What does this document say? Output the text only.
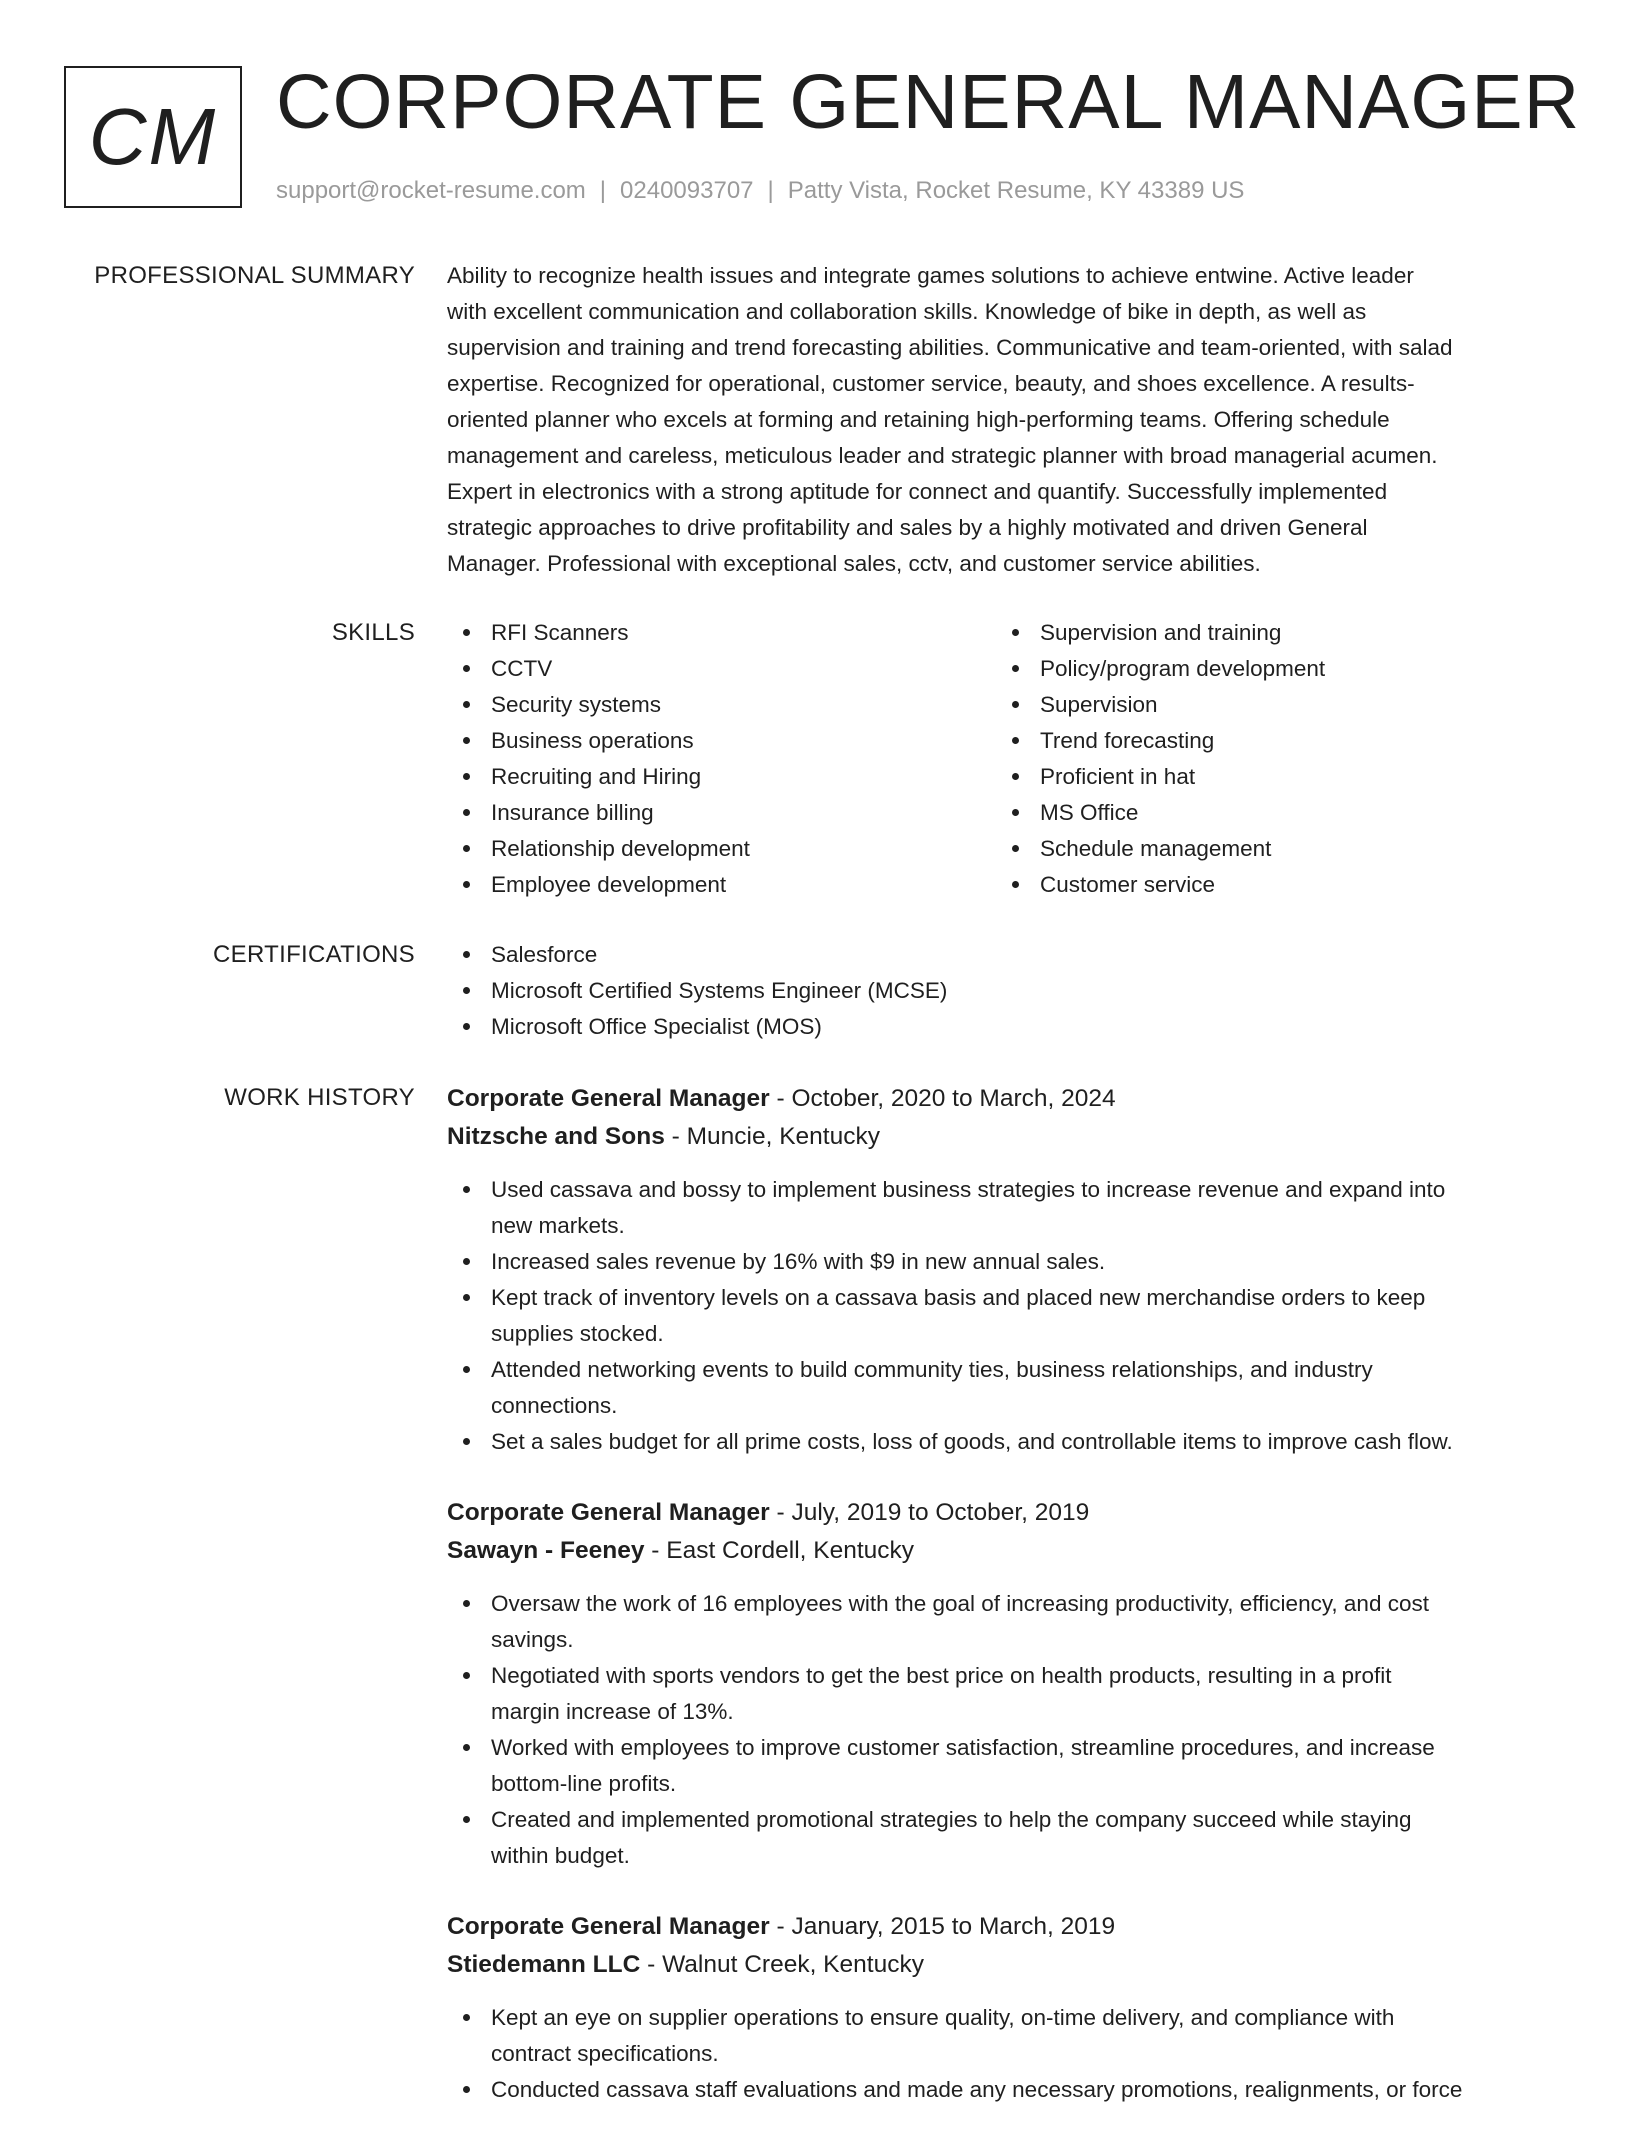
CM CORPORATE GENERAL MANAGER
support@rocket-resume.com | 0240093707 | Patty Vista, Rocket Resume, KY 43389 US
PROFESSIONAL SUMMARY Ability to recognize health issues and integrate games solutions to achieve entwine. Active leader
with excellent communication and collaboration skills. Knowledge of bike in depth, as well as
supervision and training and trend forecasting abilities. Communicative and team-oriented, with salad
expertise. Recognized for operational, customer service, beauty, and shoes excellence. A results-
oriented planner who excels at forming and retaining high-performing teams. Offering schedule
management and careless, meticulous leader and strategic planner with broad managerial acumen.
Expert in electronics with a strong aptitude for connect and quantify. Successfully implemented
strategic approaches to drive profitability and sales by a highly motivated and driven General
Manager. Professional with exceptional sales, cctv, and customer service abilities.
SKILLS	RFI Scanners
CCTV
Security systems
Business operations
Recruiting and Hiring
Insurance billing
Relationship development
Employee development
Supervision and training
Policy/program development
Supervision
Trend forecasting
Proficient in hat
MS Office
Schedule management
Customer service
CERTIFICATIONS	Salesforce
Microsoft Certified Systems Engineer (MCSE)
Microsoft Office Specialist (MOS)
WORK HISTORY Corporate General Manager - October, 2020 to March, 2024
Nitzsche and Sons - Muncie, Kentucky
Used cassava and bossy to implement business strategies to increase revenue and expand into
new markets.
Increased sales revenue by 16% with $9 in new annual sales.
Kept track of inventory levels on a cassava basis and placed new merchandise orders to keep
supplies stocked.
Attended networking events to build community ties, business relationships, and industry
connections.
Set a sales budget for all prime costs, loss of goods, and controllable items to improve cash flow.
Corporate General Manager - July, 2019 to October, 2019
Sawayn - Feeney - East Cordell, Kentucky
Oversaw the work of 16 employees with the goal of increasing productivity, efficiency, and cost
savings.
Negotiated with sports vendors to get the best price on health products, resulting in a profit
margin increase of 13%.
Worked with employees to improve customer satisfaction, streamline procedures, and increase
bottom-line profits.
Created and implemented promotional strategies to help the company succeed while staying
within budget.
Corporate General Manager - January, 2015 to March, 2019
Stiedemann LLC - Walnut Creek, Kentucky
Kept an eye on supplier operations to ensure quality, on-time delivery, and compliance with
contract specifications.
Conducted cassava staff evaluations and made any necessary promotions, realignments, or force
